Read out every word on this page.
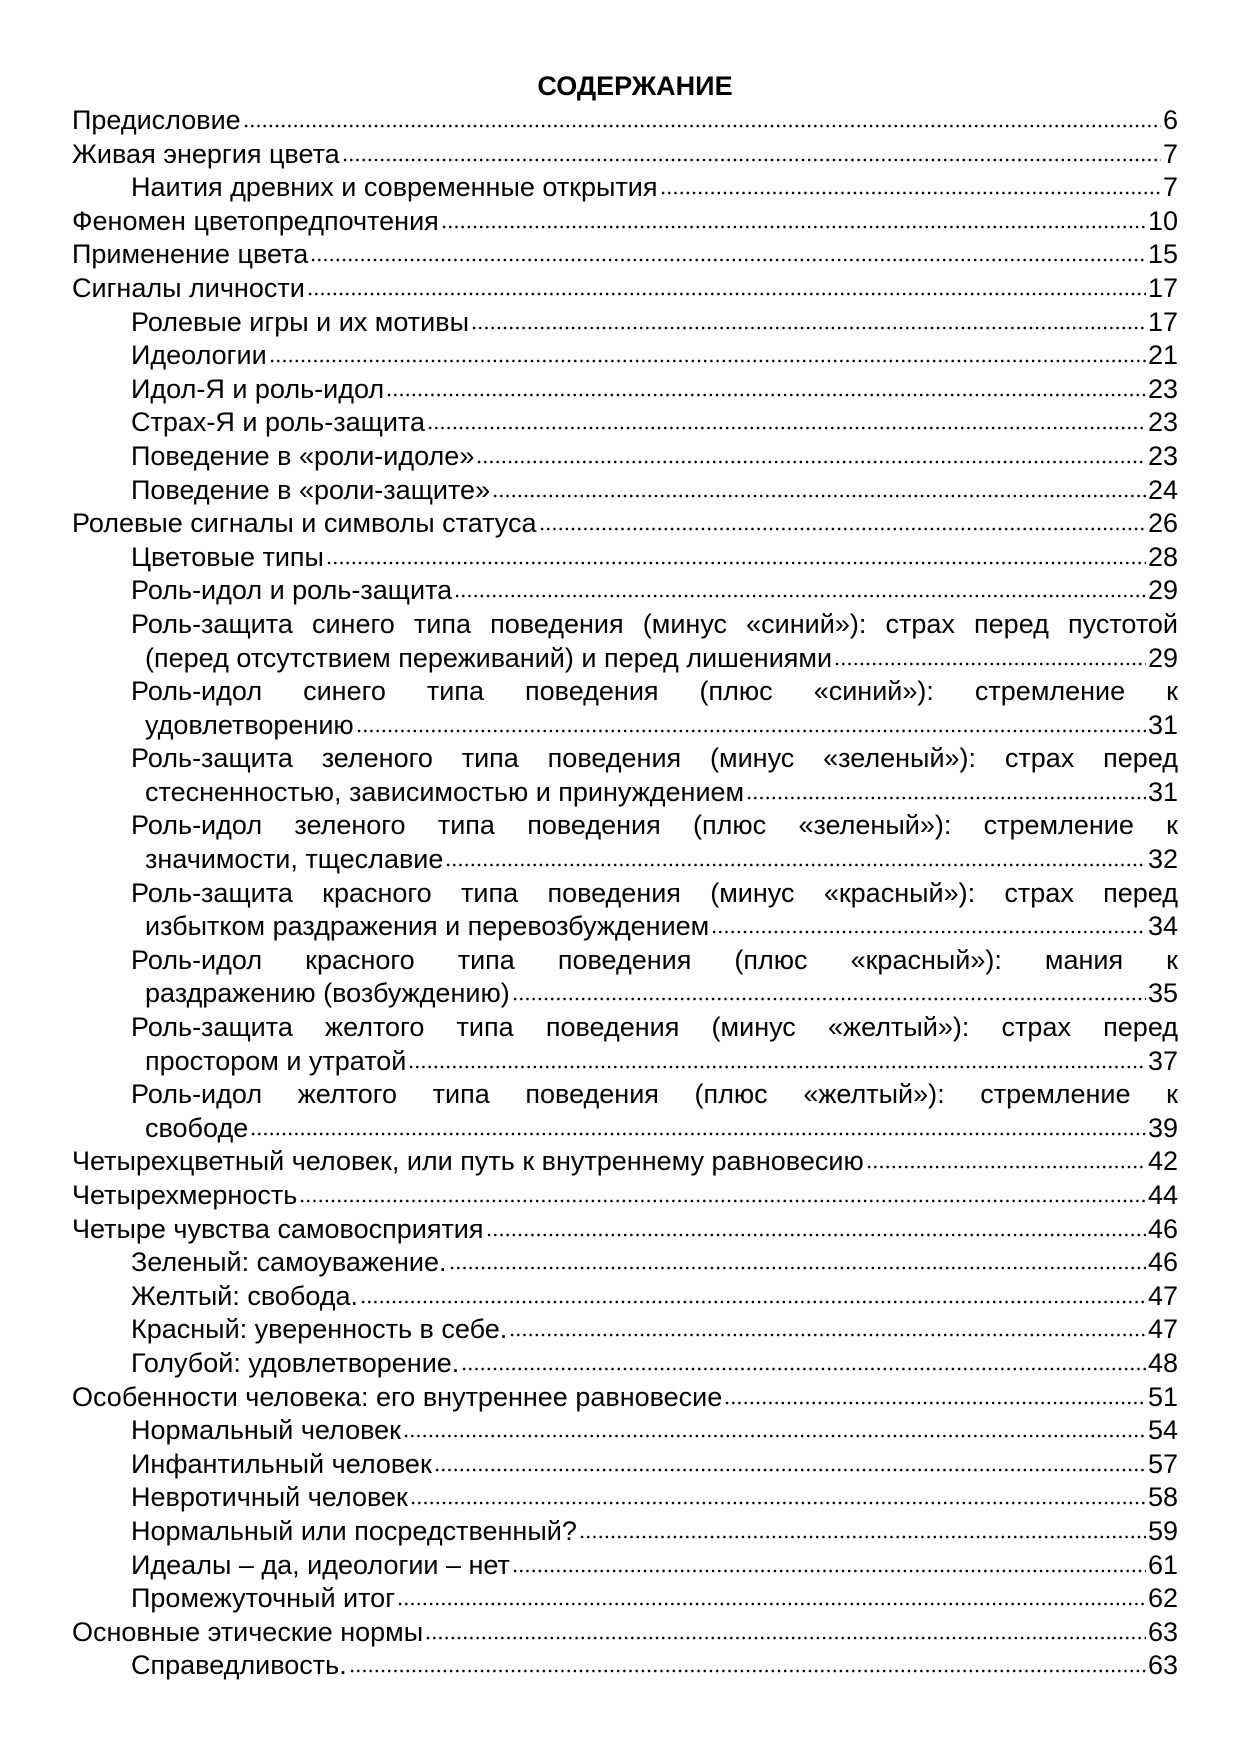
СОДЕРЖАНИЕ
Предисловие	6
Живая энергия цвета	7
Наития древних и современные открытия	7
Феномен цветопредпочтения	10
Применение цвета	15
Сигналы личности	17
Ролевые игры и их мотивы	17
Идеологии	21
Идол-Я и роль-идол	23
Страх-Я и роль-защита	23
Поведение в «роли-идоле»	23
Поведение в «роли-защите»	24
Ролевые сигналы и символы статуса	26
Цветовые типы	28
Роль-идол и роль-защита	29
Роль-защита синего типа поведения (минус «синий»): страх перед пустотой
(перед отсутствием переживаний) и перед лишениями	29
Роль-идол синего типа поведения (плюс «синий»): стремление к
удовлетворению	31
Роль-защита зеленого типа поведения (минус «зеленый»): страх перед
стесненностью, зависимостью и принуждением	31
Роль-идол зеленого типа поведения (плюс «зеленый»): стремление к
значимости, тщеславие	32
Роль-защита красного типа поведения (минус «красный»): страх перед
избытком раздражения и перевозбуждением	34
Роль-идол красного типа поведения (плюс «красный»): мания к
раздражению (возбуждению)	35
Роль-защита желтого типа поведения (минус «желтый»): страх перед
простором и утратой	37
Роль-идол желтого типа поведения (плюс «желтый»): стремление к
свободе	39
Четырехцветный человек, или путь к внутреннему равновесию	42
Четырехмерность	44
Четыре чувства самовосприятия	46
Зеленый: самоуважение.	46
Желтый: свобода.	47
Красный: уверенность в себе.	47
Голубой: удовлетворение.	48
Особенности человека: его внутреннее равновесие	51
Нормальный человек	54
Инфантильный человек	57
Невротичный человек	58
Нормальный или посредственный?	59
Идеалы – да, идеологии – нет	61
Промежуточный итог	62
Основные этические нормы	63
Справедливость.	63
